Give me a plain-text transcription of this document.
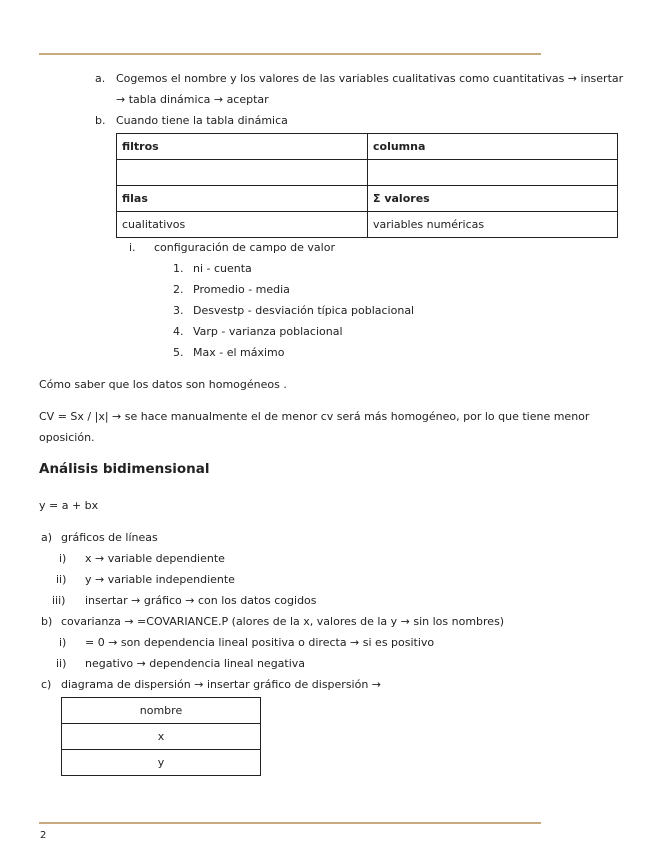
a. Cogemos el nombre y los valores de las variables cualitativas como cuantitativas → insertar
→ tabla dinámica → aceptar
b. Cuando tiene la tabla dinámica
filtros	columna

filas	Σ valores
cualitativos	variables numéricas
i. configuración de campo de valor
1. ni - cuenta
2. Promedio - media
3. Desvestp - desviación típica poblacional
4. Varp - varianza poblacional
5. Max - el máximo
Cómo saber que los datos son homogéneos .
CV = Sx / |x| → se hace manualmente el de menor cv será más homogéneo, por lo que tiene menor
oposición.
Análisis bidimensional
y = a + bx
a) gráficos de líneas
i) x → variable dependiente
ii) y → variable independiente
iii) insertar → gráfico → con los datos cogidos
b) covarianza → =COVARIANCE.P (alores de la x, valores de la y → sin los nombres)
i) = 0 → son dependencia lineal positiva o directa → si es positivo
ii) negativo → dependencia lineal negativa
c) diagrama de dispersión → insertar gráfico de dispersión →
nombre
x
y
2
